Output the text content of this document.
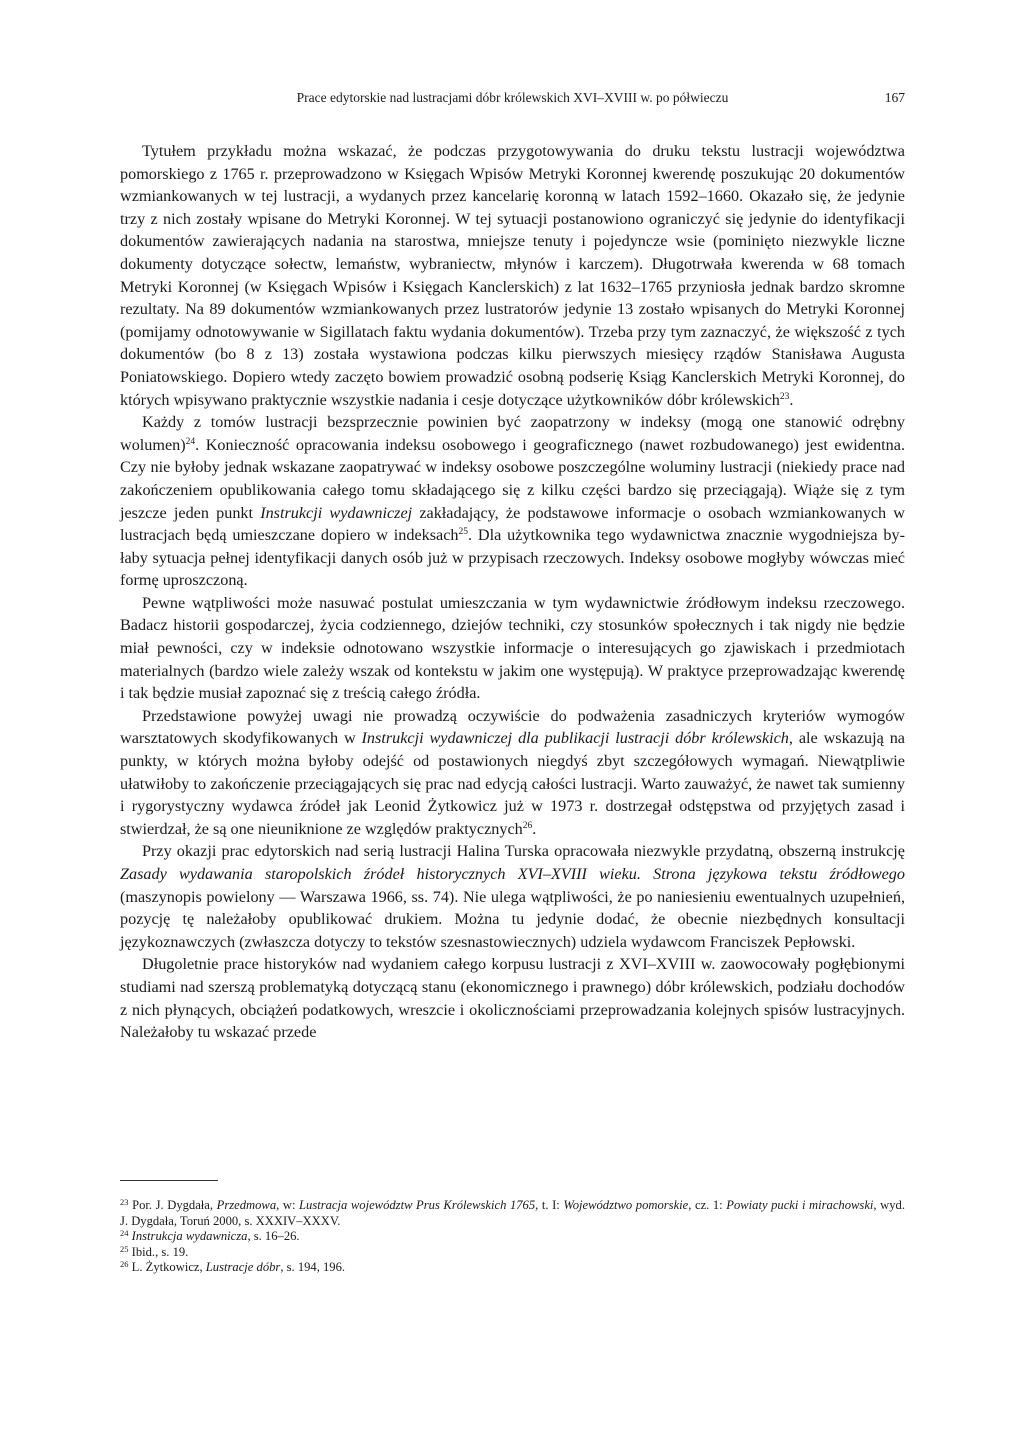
Prace edytorskie nad lustracjami dóbr królewskich XVI–XVIII w. po półwieczu	167

Tytułem przykładu można wskazać, że podczas przygotowywania do druku tekstu lustracji województwa pomorskiego z 1765 r. przeprowadzono w Księgach Wpisów Metryki Koronnej kwerendę poszukując 20 dokumentów wzmiankowanych w tej lustracji, a wydanych przez kancelarię koronną w latach 1592–1660. Okazało się, że jedynie trzy z nich zostały wpisane do Metryki Koronnej. W tej sytuacji postanowiono ograniczyć się jedynie do identyfikacji dokumentów zawierających nadania na starostwa, mniejsze tenuty i pojedyncze wsie (pominięto niezwykle liczne dokumenty dotyczące sołectw, lemaństw, wybraniectw, młynów i karczem). Długotrwała kwerenda w 68 tomach Metryki Koronnej (w Księgach Wpisów i Księgach Kanclerskich) z lat 1632–1765 przyniosła jednak bardzo skromne rezultaty. Na 89 dokumentów wzmiankowanych przez lustratorów jedynie 13 zostało wpisanych do Metryki Koronnej (pomijamy odnotowywanie w Sigillatach faktu wydania dokumentów). Trzeba przy tym zaznaczyć, że większość z tych dokumentów (bo 8 z 13) została wystawiona podczas kilku pierwszych miesięcy rządów Stanisława Augusta Poniatowskiego. Dopiero wtedy zaczęto bowiem prowadzić osobną podserię Ksiąg Kanclerskich Metryki Koronnej, do których wpisywano praktycznie wszystkie nadania i cesje dotyczące użytkowników dóbr królewskich$^{23}$.

Każdy z tomów lustracji bezsprzecznie powinien być zaopatrzony w indeksy (mogą one stanowić odrębny wolumen)$^{24}$. Konieczność opracowania indeksu osobowego i geograficznego (nawet rozbudowanego) jest ewidentna. Czy nie byłoby jednak wskazane zaopatrywać w indeksy osobowe poszczególne woluminy lustracji (niekiedy prace nad zakończeniem opublikowania całego tomu składającego się z kilku części bardzo się przeciągają). Wiąże się z tym jeszcze jeden punkt Instrukcji wydawniczej zakładający, że podstawowe informacje o osobach wzmiankowanych w lustracjach będą umieszczane dopiero w indeksach$^{25}$. Dla użytkownika tego wydawnictwa znacznie wygodniejsza byłaby sytuacja pełnej identyfikacji danych osób już w przypisach rzeczowych. Indeksy osobowe mogłyby wówczas mieć formę uproszczoną.

Pewne wątpliwości może nasuwać postulat umieszczania w tym wydawnictwie źródłowym indeksu rzeczowego. Badacz historii gospodarczej, życia codziennego, dziejów techniki, czy stosunków społecznych i tak nigdy nie będzie miał pewności, czy w indeksie odnotowano wszystkie informacje o interesujących go zjawiskach i przedmiotach materialnych (bardzo wiele zależy wszak od kontekstu w jakim one występują). W praktyce przeprowadzając kwerendę i tak będzie musiał zapoznać się z treścią całego źródła.

Przedstawione powyżej uwagi nie prowadzą oczywiście do podważenia zasadniczych kryteriów wymogów warsztatowych skodyfikowanych w Instrukcji wydawniczej dla publikacji lustracji dóbr królewskich, ale wskazują na punkty, w których można byłoby odejść od postawionych niegdyś zbyt szczegółowych wymagań. Niewątpliwie ułatwiłoby to zakończenie przeciągających się prac nad edycją całości lustracji. Warto zauważyć, że nawet tak sumienny i rygorystyczny wydawca źródeł jak Leonid Żytkowicz już w 1973 r. dostrzegał odstępstwa od przyjętych zasad i stwierdzał, że są one nieuniknione ze względów praktycznych$^{26}$.

Przy okazji prac edytorskich nad serią lustracji Halina Turska opracowała niezwykle przydatną, obszerną instrukcję Zasady wydawania staropolskich źródeł historycznych XVI–XVIII wieku. Strona językowa tekstu źródłowego (maszynopis powielony — Warszawa 1966, ss. 74). Nie ulega wątpliwości, że po naniesieniu ewentualnych uzupełnień, pozycję tę należałoby opublikować drukiem. Można tu jedynie dodać, że obecnie niezbędnych konsultacji językoznawczych (zwłaszcza dotyczy to tekstów szesnastowiecznych) udziela wydawcom Franciszek Pepłowski.

Długoletnie prace historyków nad wydaniem całego korpusu lustracji z XVI–XVIII w. zaowocowały pogłębionymi studiami nad szerszą problematyką dotyczącą stanu (ekonomicznego i prawnego) dóbr królewskich, podziału dochodów z nich płynących, obciążeń podatkowych, wreszcie i okolicznościami przeprowadzania kolejnych spisów lustracyjnych. Należałoby tu wskazać przede

$^{23}$ Por. J. Dygdała, Przedmowa, w: Lustracja województw Prus Królewskich 1765, t. I: Województwo pomorskie, cz. 1: Powiaty pucki i mirachowski, wyd. J. Dygdała, Toruń 2000, s. XXXIV–XXXV.

$^{24}$ Instrukcja wydawnicza, s. 16–26.

$^{25}$ Ibid., s. 19.

$^{26}$ L. Żytkowicz, Lustracje dóbr, s. 194, 196.
